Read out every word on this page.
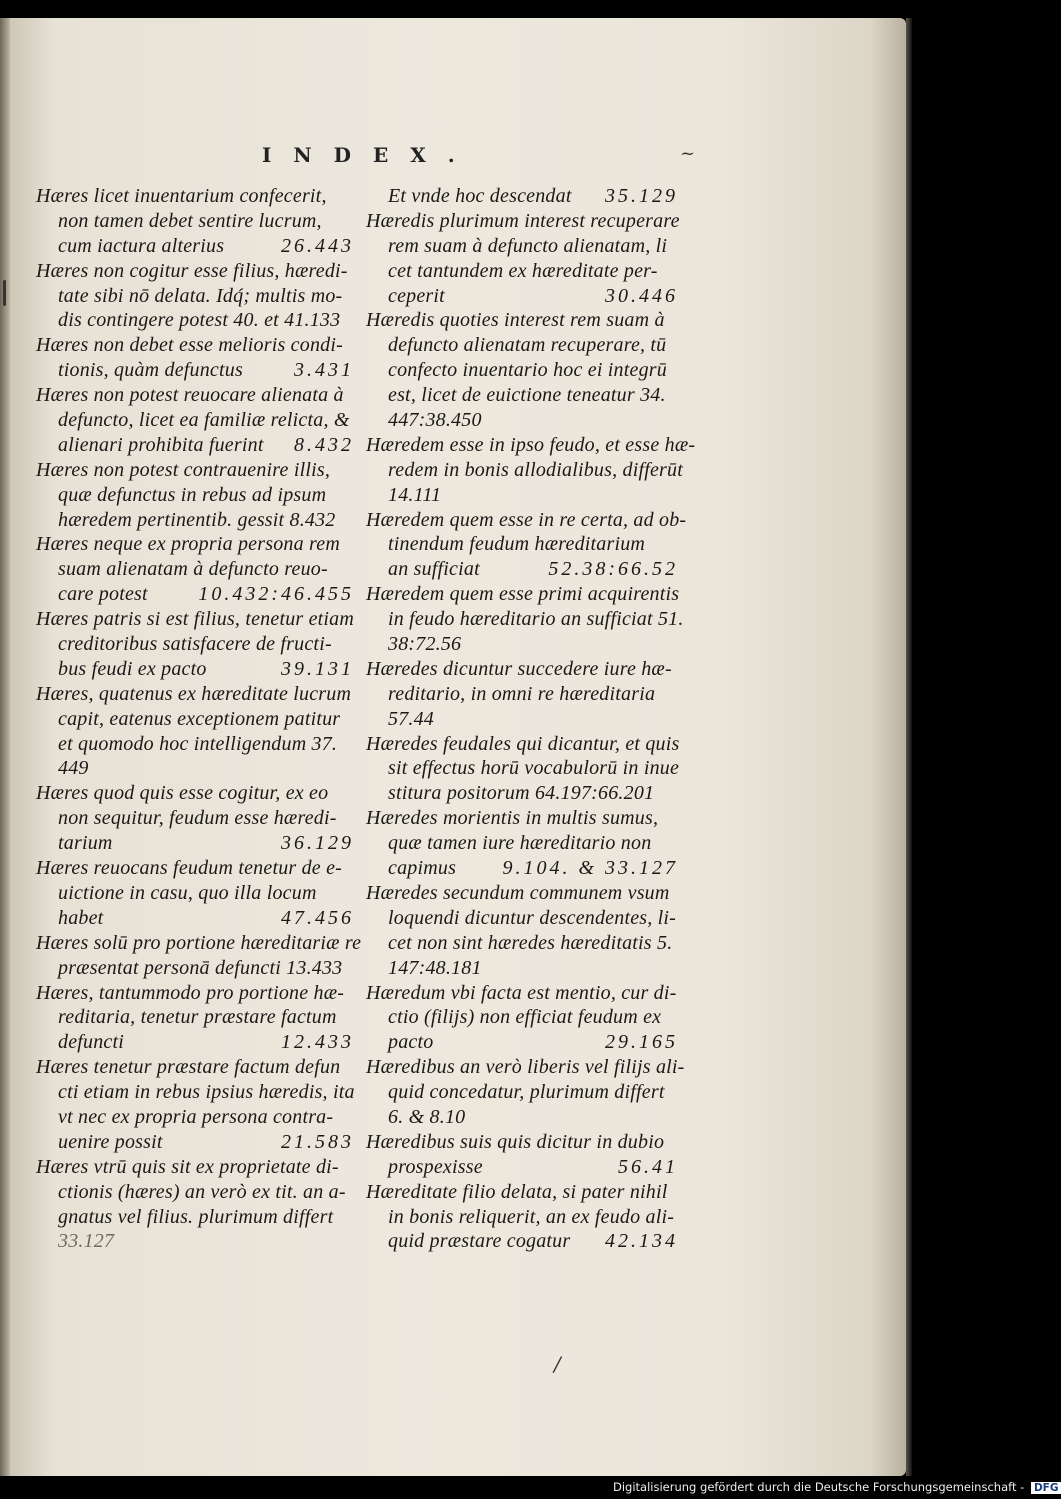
INDEX.	~
Hæres licet inuentarium confecerit,
non tamen debet sentire lucrum,
cum iactura alterius	26.443
Hæres non cogitur esse filius, hæredi-
tate sibi nō delata. Idq́; multis mo-
dis contingere potest 40. et 41.133
Hæres non debet esse melioris condi-
tionis, quàm defunctus	3.431
Hæres non potest reuocare alienata à
defuncto, licet ea familiæ relicta, &
alienari prohibita fuerint 8.432
Hæres non potest contrauenire illis,
quæ defunctus in rebus ad ipsum
hæredem pertinentib. gessit 8.432
Hæres neque ex propria persona rem
suam alienatam à defuncto reuo-
care potest	10.432:46.455
Hæres patris si est filius, tenetur etiam
creditoribus satisfacere de fructi-
bus feudi ex pacto	39.131
Hæres, quatenus ex hæreditate lucrum
capit, eatenus exceptionem patitur
et quomodo hoc intelligendum 37.
449
Hæres quod quis esse cogitur, ex eo
non sequitur, feudum esse hæredi-
tarium	36.129
Hæres reuocans feudum tenetur de e-
uictione in casu, quo illa locum
habet	47.456
Hæres solū pro portione hæreditariæ re
præsentat personā defuncti 13.433
Hæres, tantummodo pro portione hæ-
reditaria, tenetur præstare factum
defuncti	12.433
Hæres tenetur præstare factum defun
cti etiam in rebus ipsius hæredis, ita
vt nec ex propria persona contra-
uenire possit	21.583
Hæres vtrū quis sit ex proprietate di-
ctionis (hæres) an verò ex tit. an a-
gnatus vel filius. plurimum differt
33.127
Et vnde hoc descendat 35.129
Hæredis plurimum interest recuperare
rem suam à defuncto alienatam, li
cet tantundem ex hæreditate per-
ceperit	30.446
Hæredis quoties interest rem suam à
defuncto alienatam recuperare, tū
confecto inuentario hoc ei integrū
est, licet de euictione teneatur 34.
447:38.450
Hæredem esse in ipso feudo, et esse hæ-
redem in bonis allodialibus, differūt
14.111
Hæredem quem esse in re certa, ad ob-
tinendum feudum hæreditarium
an sufficiat	52.38:66.52
Hæredem quem esse primi acquirentis
in feudo hæreditario an sufficiat 51.
38:72.56
Hæredes dicuntur succedere iure hæ-
reditario, in omni re hæreditaria
57.44
Hæredes feudales qui dicantur, et quis
sit effectus horū vocabulorū in inue
stitura positorum 64.197:66.201
Hæredes morientis in multis sumus,
quæ tamen iure hæreditario non
capimus 9.104. & 33.127
Hæredes secundum communem vsum
loquendi dicuntur descendentes, li-
cet non sint hæredes hæreditatis 5.
147:48.181
Hæredum vbi facta est mentio, cur di-
ctio (filijs) non efficiat feudum ex
pacto	29.165
Hæredibus an verò liberis vel filijs ali-
quid concedatur, plurimum differt
6. & 8.10
Hæredibus suis quis dicitur in dubio
prospexisse	56.41
Hæreditate filio delata, si pater nihil
in bonis reliquerit, an ex feudo ali-
quid præstare cogatur 42.134
/
Digitalisierung gefördert durch die Deutsche Forschungsgemeinschaft - DFG
